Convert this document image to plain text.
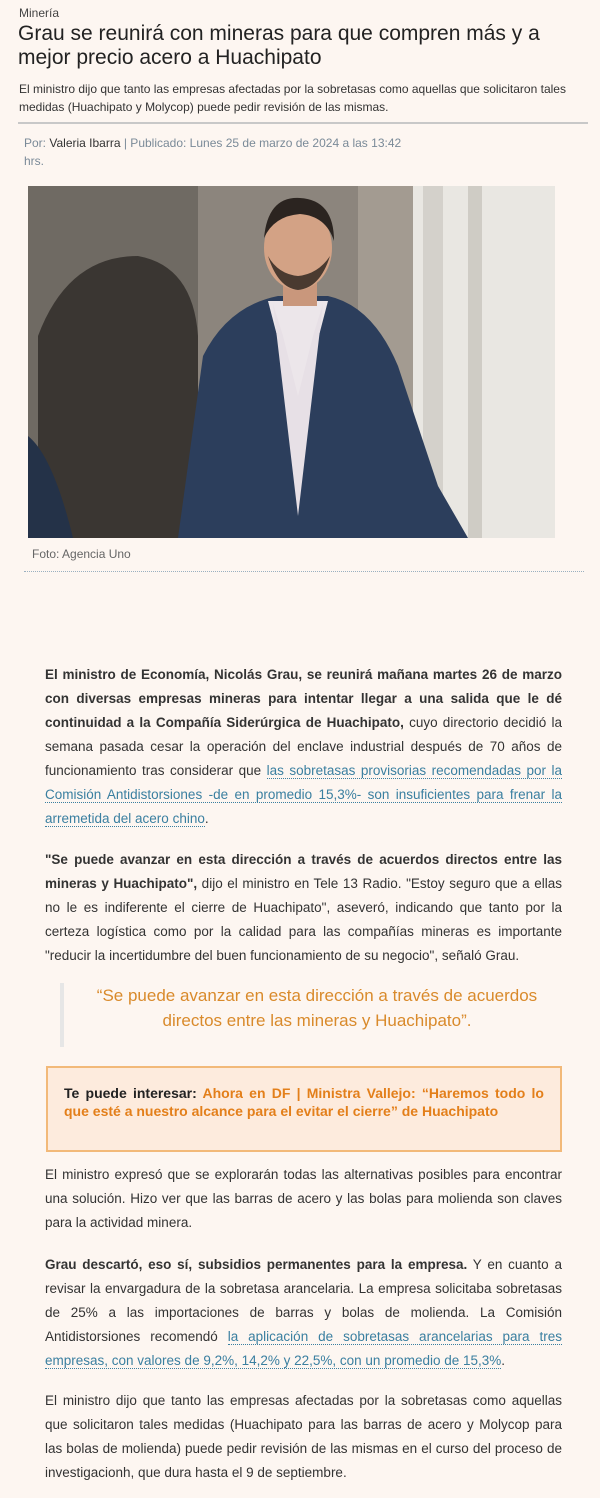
Minería
Grau se reunirá con mineras para que compren más y a mejor precio acero a Huachipato

El ministro dijo que tanto las empresas afectadas por la sobretasas como aquellas que solicitaron tales medidas (Huachipato y Molycop) puede pedir revisión de las mismas.

Por: Valeria Ibarra | Publicado: Lunes 25 de marzo de 2024 a las 13:42 hrs.
Foto: Agencia Uno

El ministro de Economía, Nicolás Grau, se reunirá mañana martes 26 de marzo con diversas empresas mineras para intentar llegar a una salida que le dé continuidad a la Compañía Siderúrgica de Huachipato, cuyo directorio decidió la semana pasada cesar la operación del enclave industrial después de 70 años de funcionamiento tras considerar que las sobretasas provisorias recomendadas por la Comisión Antidistorsiones -de en promedio 15,3%- son insuficientes para frenar la arremetida del acero chino.

"Se puede avanzar en esta dirección a través de acuerdos directos entre las mineras y Huachipato", dijo el ministro en Tele 13 Radio. "Estoy seguro que a ellas no le es indiferente el cierre de Huachipato", aseveró, indicando que tanto por la certeza logística como por la calidad para las compañías mineras es importante "reducir la incertidumbre del buen funcionamiento de su negocio", señaló Grau.

“Se puede avanzar en esta dirección a través de acuerdos directos entre las mineras y Huachipato”.

Te puede interesar: Ahora en DF | Ministra Vallejo: “Haremos todo lo que esté a nuestro alcance para el evitar el cierre” de Huachipato

El ministro expresó que se explorarán todas las alternativas posibles para encontrar una solución. Hizo ver que las barras de acero y las bolas para molienda son claves para la actividad minera.

Grau descartó, eso sí, subsidios permanentes para la empresa. Y en cuanto a revisar la envargadura de la sobretasa arancelaria. La empresa solicitaba sobretasas de 25% a las importaciones de barras y bolas de molienda. La Comisión Antidistorsiones recomendó la aplicación de sobretasas arancelarias para tres empresas, con valores de 9,2%, 14,2% y 22,5%, con un promedio de 15,3%.

El ministro dijo que tanto las empresas afectadas por la sobretasas como aquellas que solicitaron tales medidas (Huachipato para las barras de acero y Molycop para las bolas de molienda) puede pedir revisión de las mismas en el curso del proceso de investigacionh, que dura hasta el 9 de septiembre.
